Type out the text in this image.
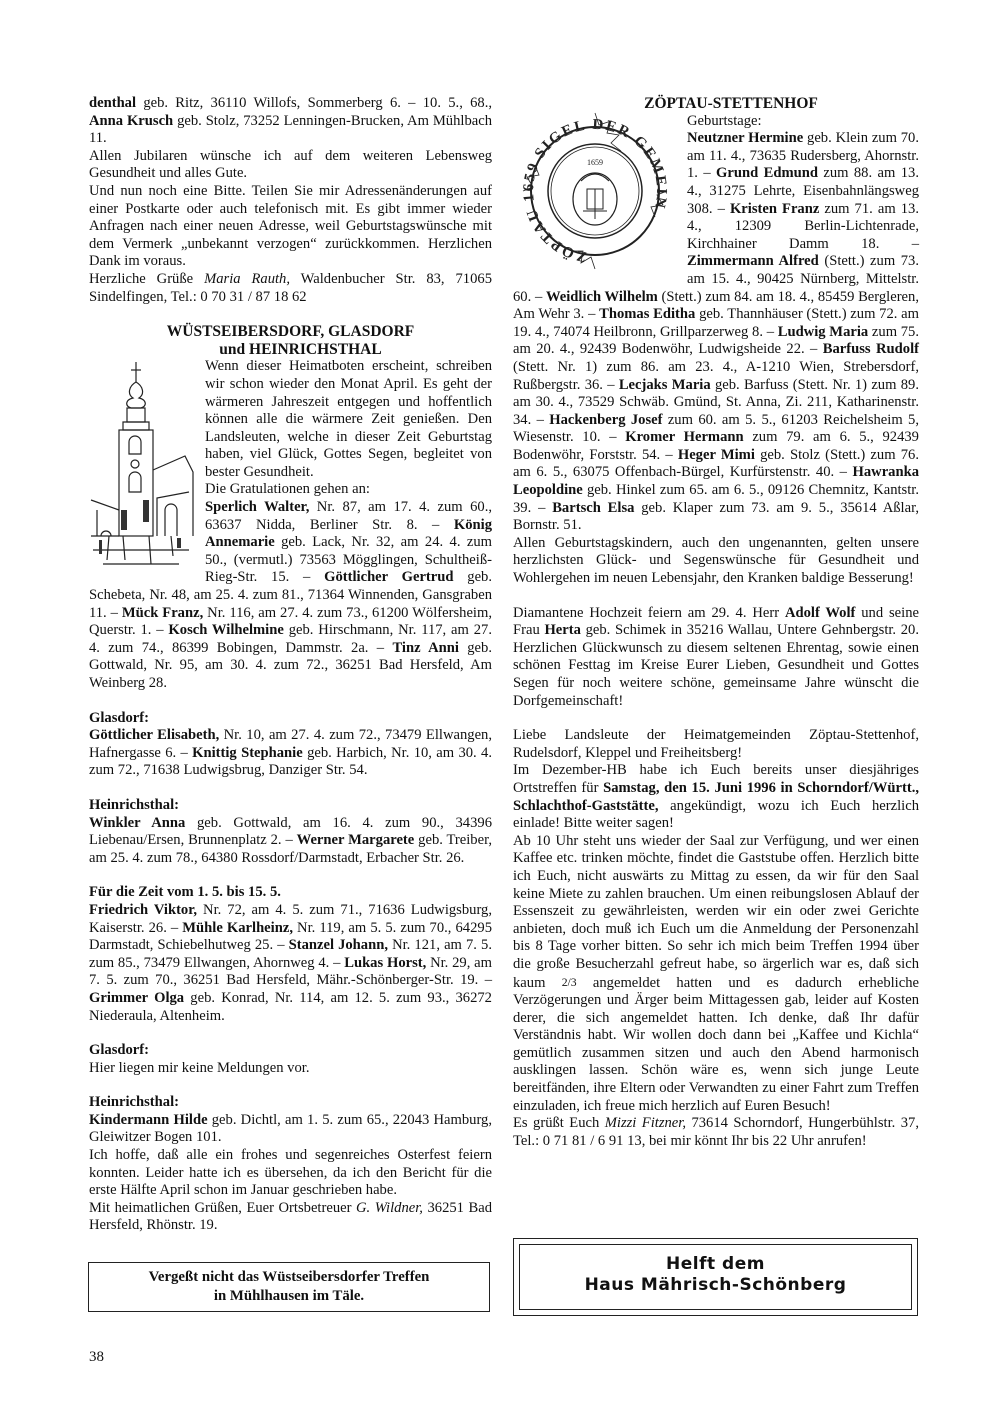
denthal geb. Ritz, 36110 Willofs, Sommerberg 6. – 10. 5., 68., Anna Krusch geb. Stolz, 73252 Lenningen-Brucken, Am Mühlbach 11.

Allen Jubilaren wünsche ich auf dem weiteren Lebensweg Gesundheit und alles Gute.

Und nun noch eine Bitte. Teilen Sie mir Adressenänderungen auf einer Postkarte oder auch telefonisch mit. Es gibt immer wieder Anfragen nach einer neuen Adresse, weil Geburtstagswünsche mit dem Vermerk „unbekannt verzogen“ zurückkommen. Herzlichen Dank im voraus.

Herzliche Grüße Maria Rauth, Waldenbucher Str. 83, 71065 Sindelfingen, Tel.: 0 70 31 / 87 18 62

WÜSTSEIBERSDORF, GLASDORF

und HEINRICHSTHAL

Wenn dieser Heimatboten erscheint, schreiben wir schon wieder den Monat April. Es geht der wärmeren Jahreszeit entgegen und hoffentlich können alle die wärmere Zeit genießen. Den Landsleuten, welche in dieser Zeit Geburtstag haben, viel Glück, Gottes Segen, begleitet von bester Gesundheit.

Die Gratulationen gehen an:

Sperlich Walter, Nr. 87, am 17. 4. zum 60., 63637 Nidda, Berliner Str. 8. – König Annemarie geb. Lack, Nr. 32, am 24. 4. zum 50., (vermutl.) 73563 Mögglingen, Schultheiß-Rieg-Str. 15. – Göttlicher Gertrud geb. Schebeta, Nr. 48, am 25. 4. zum 81., 71364 Winnenden, Gansgraben 11. – Mück Franz, Nr. 116, am 27. 4. zum 73., 61200 Wölfersheim, Querstr. 1. – Kosch Wilhelmine geb. Hirschmann, Nr. 117, am 27. 4. zum 74., 86399 Bobingen, Dammstr. 2a. – Tinz Anni geb. Gottwald, Nr. 95, am 30. 4. zum 72., 36251 Bad Hersfeld, Am Weinberg 28.

Glasdorf:

Göttlicher Elisabeth, Nr. 10, am 27. 4. zum 72., 73479 Ellwangen, Hafnergasse 6. – Knittig Stephanie geb. Harbich, Nr. 10, am 30. 4. zum 72., 71638 Ludwigsbrug, Danziger Str. 54.

Heinrichsthal:

Winkler Anna geb. Gottwald, am 16. 4. zum 90., 34396 Liebenau/Ersen, Brunnenplatz 2. – Werner Margarete geb. Treiber, am 25. 4. zum 78., 64380 Rossdorf/Darmstadt, Erbacher Str. 26.

Für die Zeit vom 1. 5. bis 15. 5.

Friedrich Viktor, Nr. 72, am 4. 5. zum 71., 71636 Ludwigsburg, Kaiserstr. 26. – Mühle Karlheinz, Nr. 119, am 5. 5. zum 70., 64295 Darmstadt, Schiebelhutweg 25. – Stanzel Johann, Nr. 121, am 7. 5. zum 85., 73479 Ellwangen, Ahornweg 4. – Lukas Horst, Nr. 29, am 7. 5. zum 70., 36251 Bad Hersfeld, Mähr.-Schönberger-Str. 19. – Grimmer Olga geb. Konrad, Nr. 114, am 12. 5. zum 93., 36272 Niederaula, Altenheim.

Glasdorf:

Hier liegen mir keine Meldungen vor.

Heinrichsthal:

Kindermann Hilde geb. Dichtl, am 1. 5. zum 65., 22043 Hamburg, Gleiwitzer Bogen 101.

Ich hoffe, daß alle ein frohes und segenreiches Osterfest feiern konnten. Leider hatte ich es übersehen, da ich den Bericht für die erste Hälfte April schon im Januar geschrieben habe.

Mit heimatlichen Grüßen, Euer Ortsbetreuer G. Wildner, 36251 Bad Hersfeld, Rhönstr. 19.

Vergeßt nicht das Wüstseibersdorfer Treffen
in Mühlhausen im Täle.

ZÖPTAU-STETTENHOF

ZÖPTAU 1659 SIGEL DER GEMEIN
1659

Geburtstage:

Neutzner Hermine geb. Klein zum 70. am 11. 4., 73635 Rudersberg, Ahornstr. 1. – Grund Edmund zum 88. am 13. 4., 31275 Lehrte, Eisenbahnlängsweg 308. – Kristen Franz zum 71. am 13. 4., 12309 Berlin-Lichtenrade, Kirchhainer Damm 18. – Zimmermann Alfred (Stett.) zum 73. am 15. 4., 90425 Nürnberg, Mittelstr. 60. – Weidlich Wilhelm (Stett.) zum 84. am 18. 4., 85459 Bergleren, Am Wehr 3. – Thomas Editha geb. Thannhäuser (Stett.) zum 72. am 19. 4., 74074 Heilbronn, Grillparzerweg 8. – Ludwig Maria zum 75. am 20. 4., 92439 Bodenwöhr, Ludwigsheide 22. – Barfuss Rudolf (Stett. Nr. 1) zum 86. am 23. 4., A-1210 Wien, Strebersdorf, Rußbergstr. 36. – Lecjaks Maria geb. Barfuss (Stett. Nr. 1) zum 89. am 30. 4., 73529 Schwäb. Gmünd, St. Anna, Zi. 211, Katharinenstr. 34. – Hackenberg Josef zum 60. am 5. 5., 61203 Reichelsheim 5, Wiesenstr. 10. – Kromer Hermann zum 79. am 6. 5., 92439 Bodenwöhr, Forststr. 54. – Heger Mimi geb. Stolz (Stett.) zum 76. am 6. 5., 63075 Offenbach-Bürgel, Kurfürstenstr. 40. – Hawranka Leopoldine geb. Hinkel zum 65. am 6. 5., 09126 Chemnitz, Kantstr. 39. – Bartsch Elsa geb. Klaper zum 73. am 9. 5., 35614 Aßlar, Bornstr. 51.

Allen Geburtstagskindern, auch den ungenannten, gelten unsere herzlichsten Glück- und Segenswünsche für Gesundheit und Wohlergehen im neuen Lebensjahr, den Kranken baldige Besserung!

Diamantene Hochzeit feiern am 29. 4. Herr Adolf Wolf und seine Frau Herta geb. Schimek in 35216 Wallau, Untere Gehnbergstr. 20. Herzlichen Glückwunsch zu diesem seltenen Ehrentag, sowie einen schönen Festtag im Kreise Eurer Lieben, Gesundheit und Gottes Segen für noch weitere schöne, gemeinsame Jahre wünscht die Dorfgemeinschaft!

Liebe Landsleute der Heimatgemeinden Zöptau-Stettenhof, Rudelsdorf, Kleppel und Freiheitsberg!

Im Dezember-HB habe ich Euch bereits unser diesjähriges Ortstreffen für Samstag, den 15. Juni 1996 in Schorndorf/Württ., Schlachthof-Gaststätte, angekündigt, wozu ich Euch herzlich einlade! Bitte weiter sagen!

Ab 10 Uhr steht uns wieder der Saal zur Verfügung, und wer einen Kaffee etc. trinken möchte, findet die Gaststube offen. Herzlich bitte ich Euch, nicht auswärts zu Mittag zu essen, da wir für den Saal keine Miete zu zahlen brauchen. Um einen reibungslosen Ablauf der Essenszeit zu gewährleisten, werden wir ein oder zwei Gerichte anbieten, doch muß ich Euch um die Anmeldung der Personenzahl bis 8 Tage vorher bitten. So sehr ich mich beim Treffen 1994 über die große Besucherzahl gefreut habe, so ärgerlich war es, daß sich kaum 2/3 angemeldet hatten und es dadurch erhebliche Verzögerungen und Ärger beim Mittagessen gab, leider auf Kosten derer, die sich angemeldet hatten. Ich denke, daß Ihr dafür Verständnis habt. Wir wollen doch dann bei „Kaffee und Kichla“ gemütlich zusammen sitzen und auch den Abend harmonisch ausklingen lassen. Schön wäre es, wenn sich junge Leute bereitfänden, ihre Eltern oder Verwandten zu einer Fahrt zum Treffen einzuladen, ich freue mich herzlich auf Euren Besuch!

Es grüßt Euch Mizzi Fitzner, 73614 Schorndorf, Hungerbühlstr. 37, Tel.: 0 71 81 / 6 91 13, bei mir könnt Ihr bis 22 Uhr anrufen!

Helft dem
Haus Mährisch-Schönberg
38
